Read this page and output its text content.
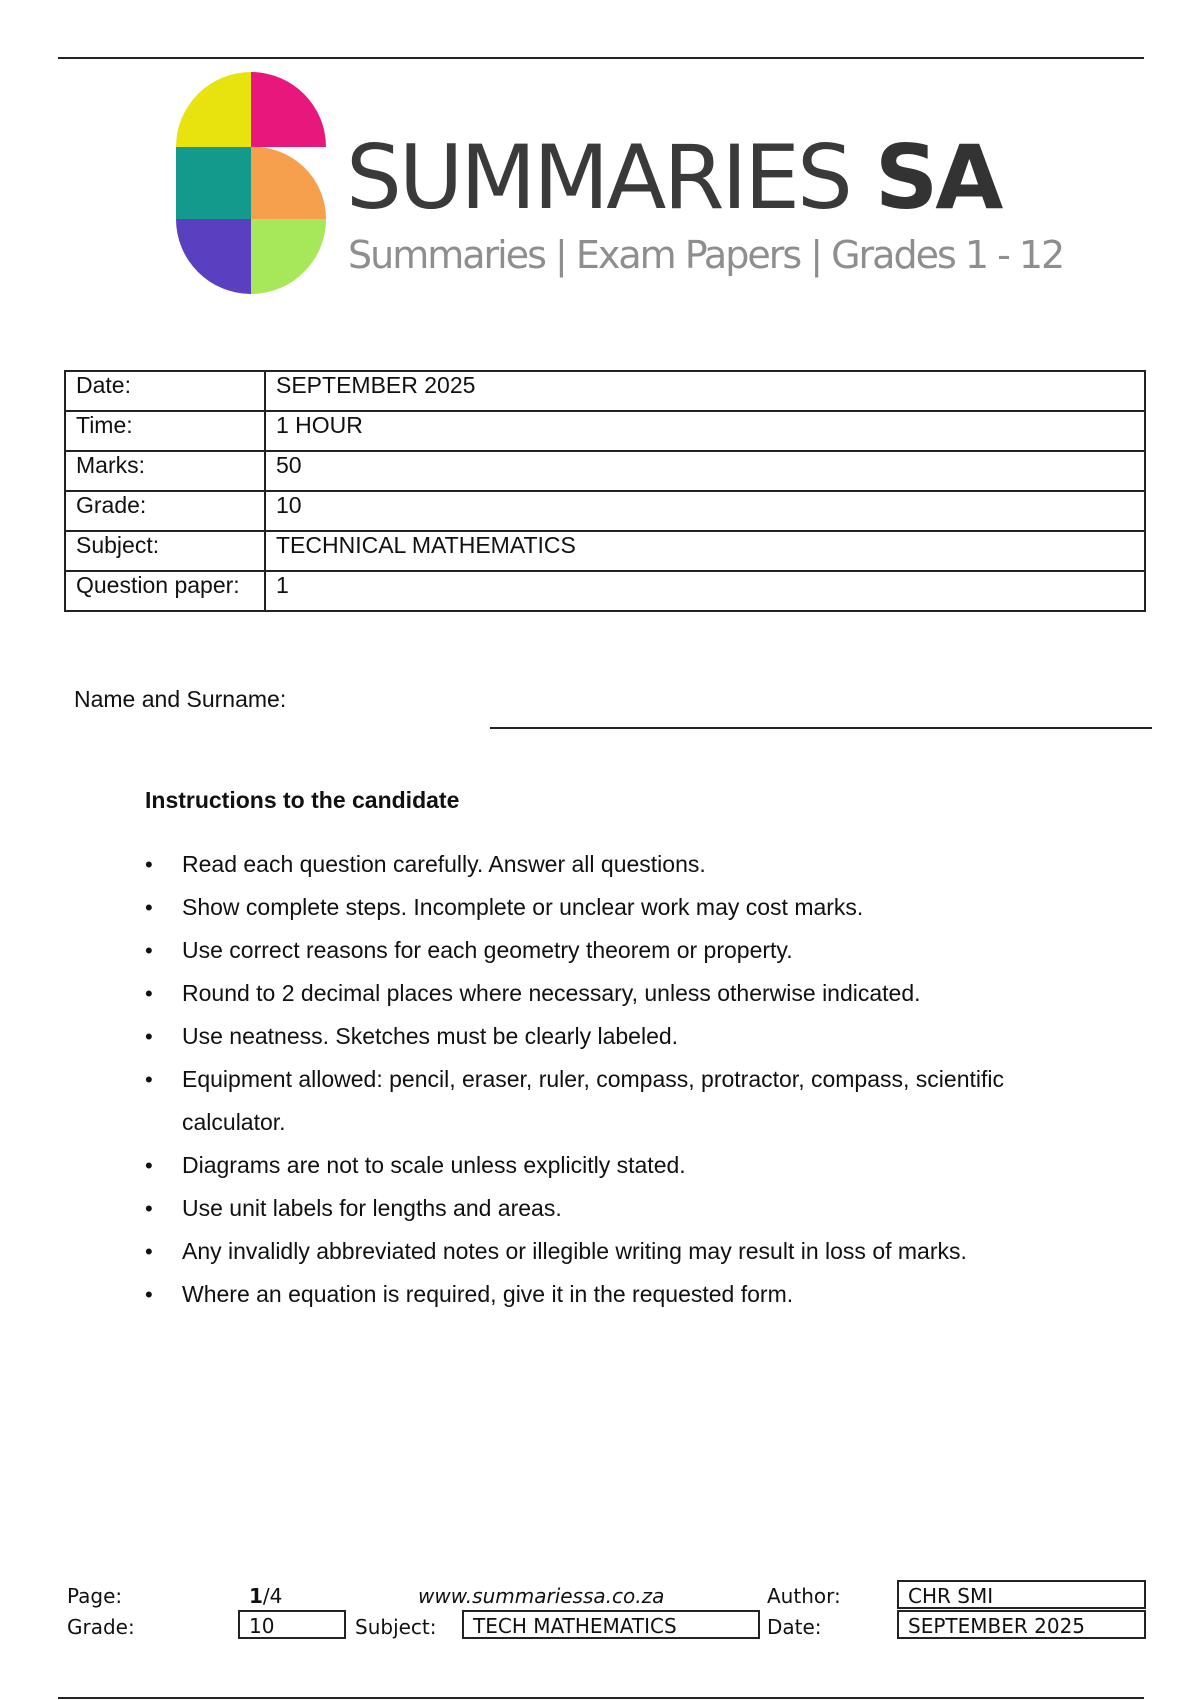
SUMMARIES SA
Summaries | Exam Papers | Grades 1 - 12
Date:	SEPTEMBER 2025
Time:	1 HOUR
Marks:	50
Grade:	10
Subject:	TECHNICAL MATHEMATICS
Question paper:	1
Name and Surname:
Instructions to the candidate
• Read each question carefully. Answer all questions.
• Show complete steps. Incomplete or unclear work may cost marks.
• Use correct reasons for each geometry theorem or property.
• Round to 2 decimal places where necessary, unless otherwise indicated.
• Use neatness. Sketches must be clearly labeled.
• Equipment allowed: pencil, eraser, ruler, compass, protractor, compass, scientific calculator.
• Diagrams are not to scale unless explicitly stated.
• Use unit labels for lengths and areas.
• Any invalidly abbreviated notes or illegible writing may result in loss of marks.
• Where an equation is required, give it in the requested form.
Page:	1/4	www.summariessa.co.za	Author:	CHR SMI
Grade:	10	Subject:	TECH MATHEMATICS	Date:	SEPTEMBER 2025
